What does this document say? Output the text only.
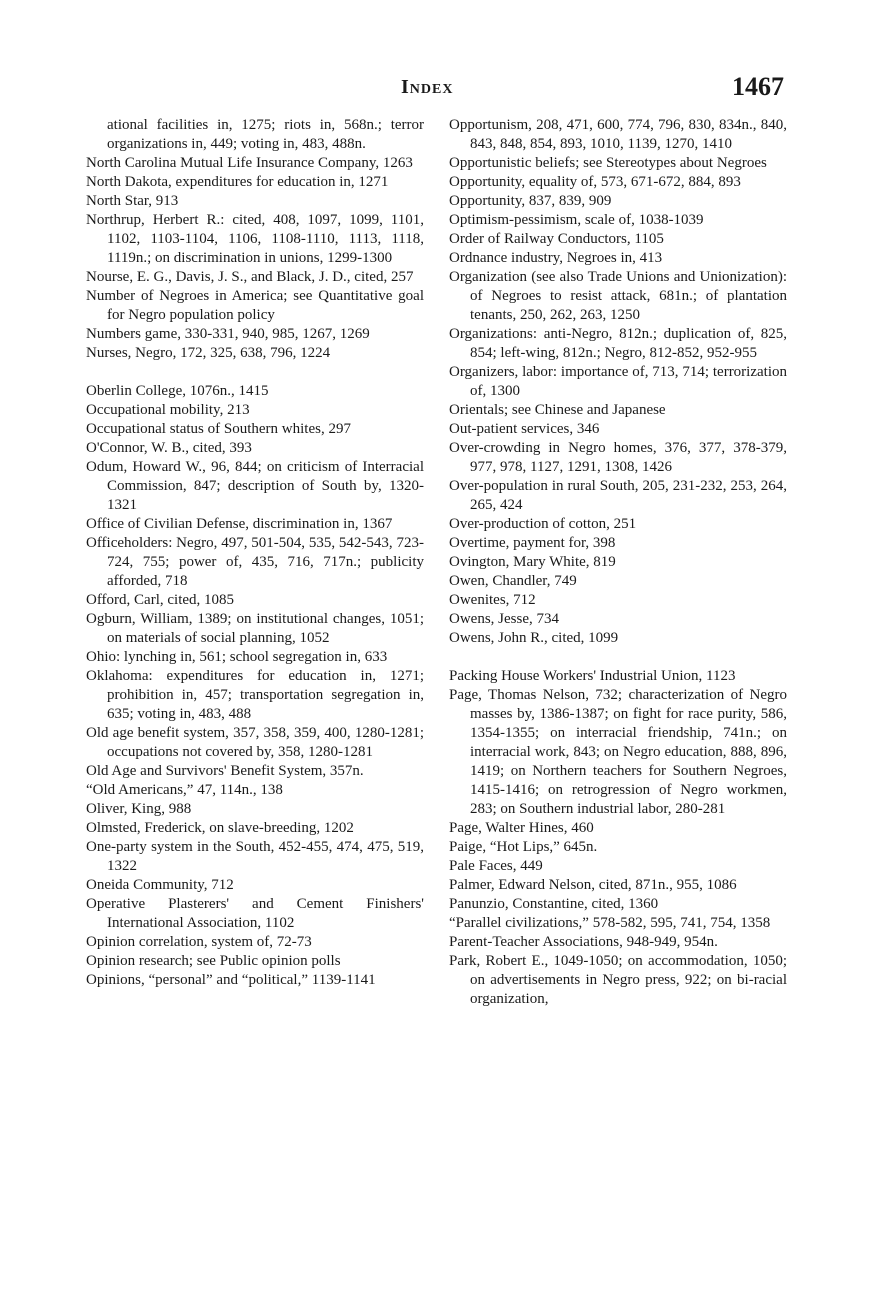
Index	1467
ational facilities in, 1275; riots in, 568n.; terror organizations in, 449; voting in, 483, 488n.
North Carolina Mutual Life Insurance Company, 1263
North Dakota, expenditures for education in, 1271
North Star, 913
Northrup, Herbert R.: cited, 408, 1097, 1099, 1101, 1102, 1103-1104, 1106, 1108-1110, 1113, 1118, 1119n.; on discrimination in unions, 1299-1300
Nourse, E. G., Davis, J. S., and Black, J. D., cited, 257
Number of Negroes in America; see Quantitative goal for Negro population policy
Numbers game, 330-331, 940, 985, 1267, 1269
Nurses, Negro, 172, 325, 638, 796, 1224
Oberlin College, 1076n., 1415
Occupational mobility, 213
Occupational status of Southern whites, 297
O'Connor, W. B., cited, 393
Odum, Howard W., 96, 844; on criticism of Interracial Commission, 847; description of South by, 1320-1321
Office of Civilian Defense, discrimination in, 1367
Officeholders: Negro, 497, 501-504, 535, 542-543, 723-724, 755; power of, 435, 716, 717n.; publicity afforded, 718
Offord, Carl, cited, 1085
Ogburn, William, 1389; on institutional changes, 1051; on materials of social planning, 1052
Ohio: lynching in, 561; school segregation in, 633
Oklahoma: expenditures for education in, 1271; prohibition in, 457; transportation segregation in, 635; voting in, 483, 488
Old age benefit system, 357, 358, 359, 400, 1280-1281; occupations not covered by, 358, 1280-1281
Old Age and Survivors' Benefit System, 357n.
“Old Americans,” 47, 114n., 138
Oliver, King, 988
Olmsted, Frederick, on slave-breeding, 1202
One-party system in the South, 452-455, 474, 475, 519, 1322
Oneida Community, 712
Operative Plasterers' and Cement Finishers' International Association, 1102
Opinion correlation, system of, 72-73
Opinion research; see Public opinion polls
Opinions, “personal” and “political,” 1139-1141
Opportunism, 208, 471, 600, 774, 796, 830, 834n., 840, 843, 848, 854, 893, 1010, 1139, 1270, 1410
Opportunistic beliefs; see Stereotypes about Negroes
Opportunity, equality of, 573, 671-672, 884, 893
Opportunity, 837, 839, 909
Optimism-pessimism, scale of, 1038-1039
Order of Railway Conductors, 1105
Ordnance industry, Negroes in, 413
Organization (see also Trade Unions and Unionization): of Negroes to resist attack, 681n.; of plantation tenants, 250, 262, 263, 1250
Organizations: anti-Negro, 812n.; duplication of, 825, 854; left-wing, 812n.; Negro, 812-852, 952-955
Organizers, labor: importance of, 713, 714; terrorization of, 1300
Orientals; see Chinese and Japanese
Out-patient services, 346
Over-crowding in Negro homes, 376, 377, 378-379, 977, 978, 1127, 1291, 1308, 1426
Over-population in rural South, 205, 231-232, 253, 264, 265, 424
Over-production of cotton, 251
Overtime, payment for, 398
Ovington, Mary White, 819
Owen, Chandler, 749
Owenites, 712
Owens, Jesse, 734
Owens, John R., cited, 1099
Packing House Workers' Industrial Union, 1123
Page, Thomas Nelson, 732; characterization of Negro masses by, 1386-1387; on fight for race purity, 586, 1354-1355; on interracial friendship, 741n.; on interracial work, 843; on Negro education, 888, 896, 1419; on Northern teachers for Southern Negroes, 1415-1416; on retrogression of Negro workmen, 283; on Southern industrial labor, 280-281
Page, Walter Hines, 460
Paige, “Hot Lips,” 645n.
Pale Faces, 449
Palmer, Edward Nelson, cited, 871n., 955, 1086
Panunzio, Constantine, cited, 1360
“Parallel civilizations,” 578-582, 595, 741, 754, 1358
Parent-Teacher Associations, 948-949, 954n.
Park, Robert E., 1049-1050; on accommodation, 1050; on advertisements in Negro press, 922; on bi-racial organization,
